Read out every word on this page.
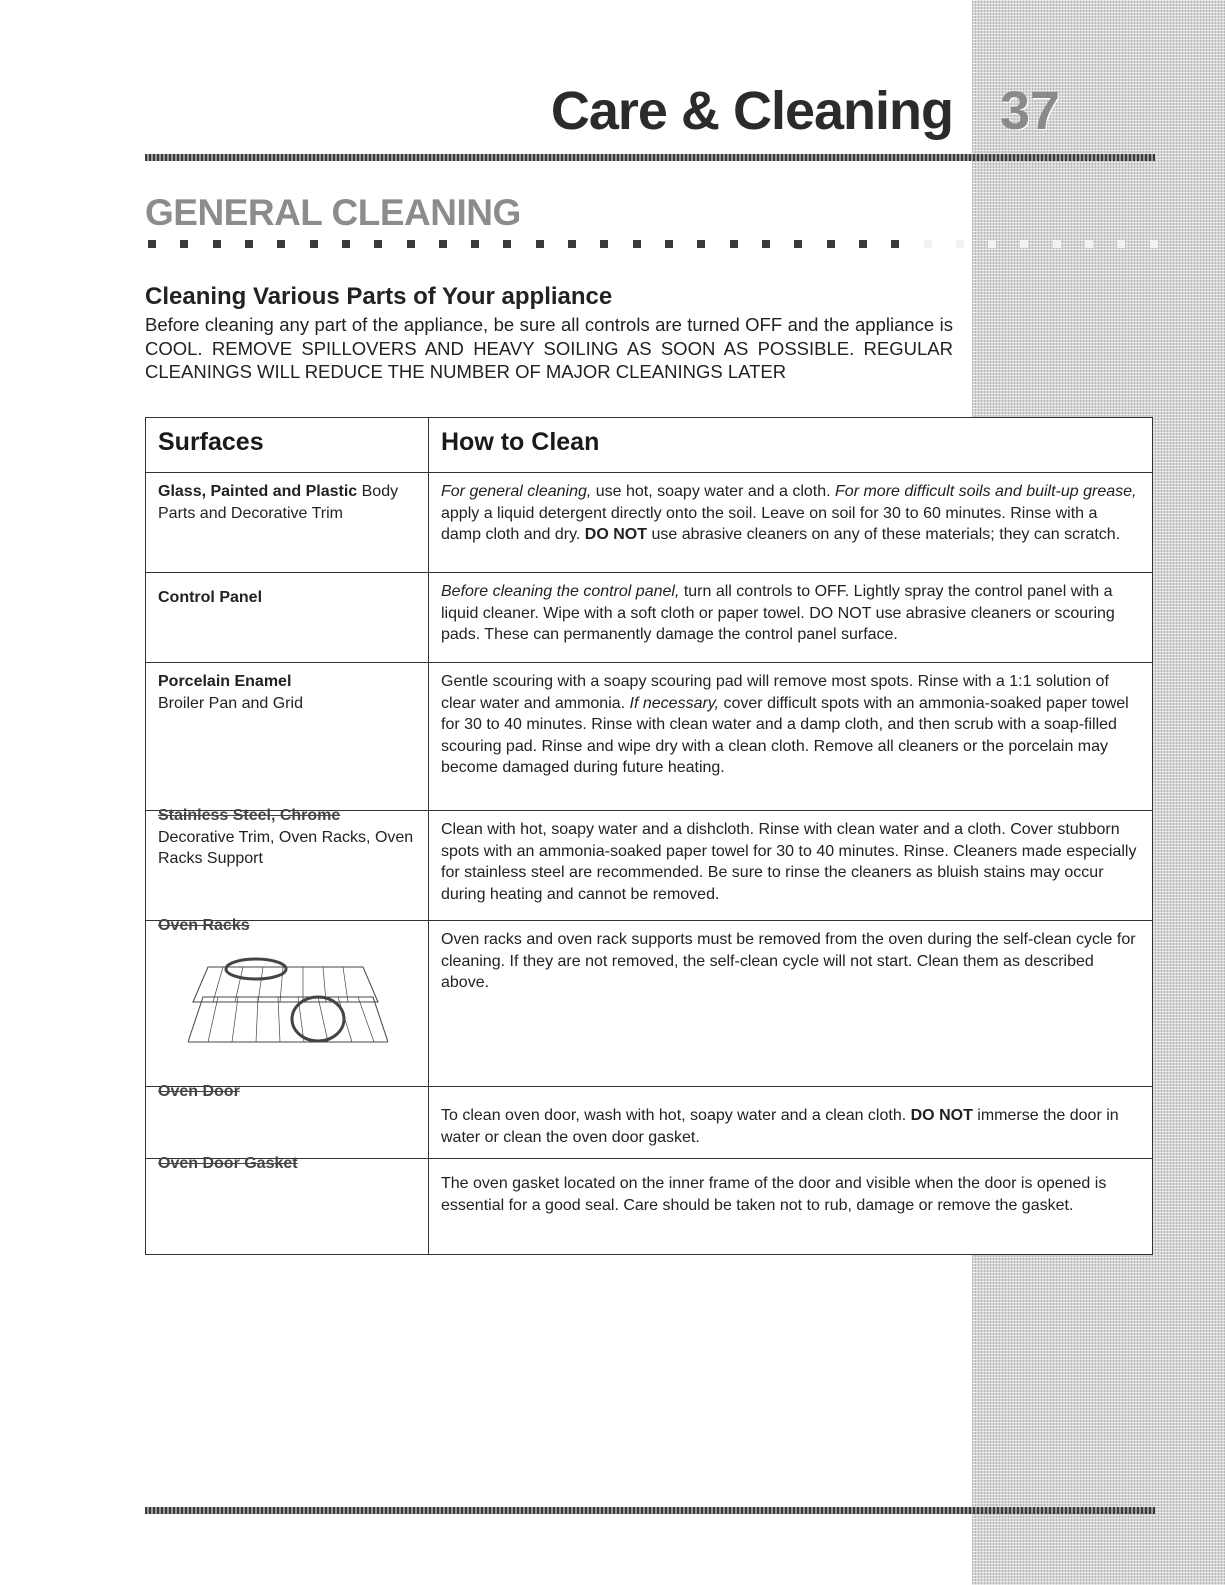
Care & Cleaning 37
GENERAL CLEANING
Cleaning Various Parts of Your appliance

Before cleaning any part of the appliance, be sure all controls are turned OFF and the appliance is COOL. REMOVE SPILLOVERS AND HEAVY SOILING AS SOON AS POSSIBLE. REGULAR CLEANINGS WILL REDUCE THE NUMBER OF MAJOR CLEANINGS LATER

Surfaces	How to Clean
Glass, Painted and Plastic Body Parts and Decorative Trim	For general cleaning, use hot, soapy water and a cloth. For more difficult soils and built-up grease, apply a liquid detergent directly onto the soil. Leave on soil for 30 to 60 minutes. Rinse with a damp cloth and dry. DO NOT use abrasive cleaners on any of these materials; they can scratch.
Control Panel	Before cleaning the control panel, turn all controls to OFF. Lightly spray the control panel with a liquid cleaner. Wipe with a soft cloth or paper towel. DO NOT use abrasive cleaners or scouring pads. These can permanently damage the control panel surface.

Porcelain Enamel
Broiler Pan and Grid	Gentle scouring with a soapy scouring pad will remove most spots. Rinse with a 1:1 solution of clear water and ammonia. If necessary, cover difficult spots with an ammonia-soaked paper towel for 30 to 40 minutes. Rinse with clean water and a damp cloth, and then scrub with a soap-filled scouring pad. Rinse and wipe dry with a clean cloth. Remove all cleaners or the porcelain may become damaged during future heating.

Stainless Steel, Chrome
Decorative Trim, Oven Racks, Oven Racks Support	Clean with hot, soapy water and a dishcloth. Rinse with clean water and a cloth. Cover stubborn spots with an ammonia-soaked paper towel for 30 to 40 minutes. Rinse. Cleaners made especially for stainless steel are recommended. Be sure to rinse the cleaners as bluish stains may occur during heating and cannot be removed.

Oven Racks	Oven racks and oven rack supports must be removed from the oven during the self-clean cycle for cleaning. If they are not removed, the self-clean cycle will not start. Clean them as described above.

Oven Door	To clean oven door, wash with hot, soapy water and a clean cloth. DO NOT immerse the door in water or clean the oven door gasket.

Oven Door Gasket	The oven gasket located on the inner frame of the door and visible when the door is opened is essential for a good seal. Care should be taken not to rub, damage or remove the gasket.
